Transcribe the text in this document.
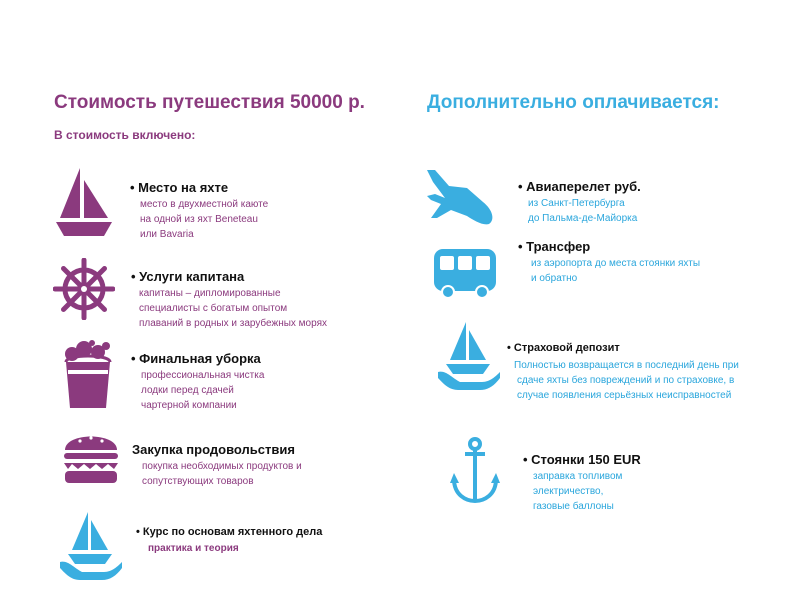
Стоимость путешествия 50000 р.	Дополнительно оплачивается:
В стоимость включено:
• Место на яхте
место в двухместной каюте
на одной из яхт Beneteau
или Bavaria
• Услуги капитана
капитаны – дипломированные
специалисты с богатым опытом
плаваний в родных и зарубежных морях
• Финальная уборка
профессиональная чистка
лодки перед сдачей
чартерной компании
Закупка продовольствия
покупка необходимых продуктов и
сопутствующих товаров
• Курс по основам яхтенного дела
практика и теория
• Авиаперелет руб.
из Санкт-Петербурга
до Пальма-де-Майорка
• Трансфер
из аэропорта до места стоянки яхты
и обратно
• Страховой депозит
Полностью возвращается в последний день при
сдаче яхты без повреждений и по страховке, в
случае появления серьёзных неисправностей
• Стоянки 150 EUR
заправка топливом
электричество,
газовые баллоны
